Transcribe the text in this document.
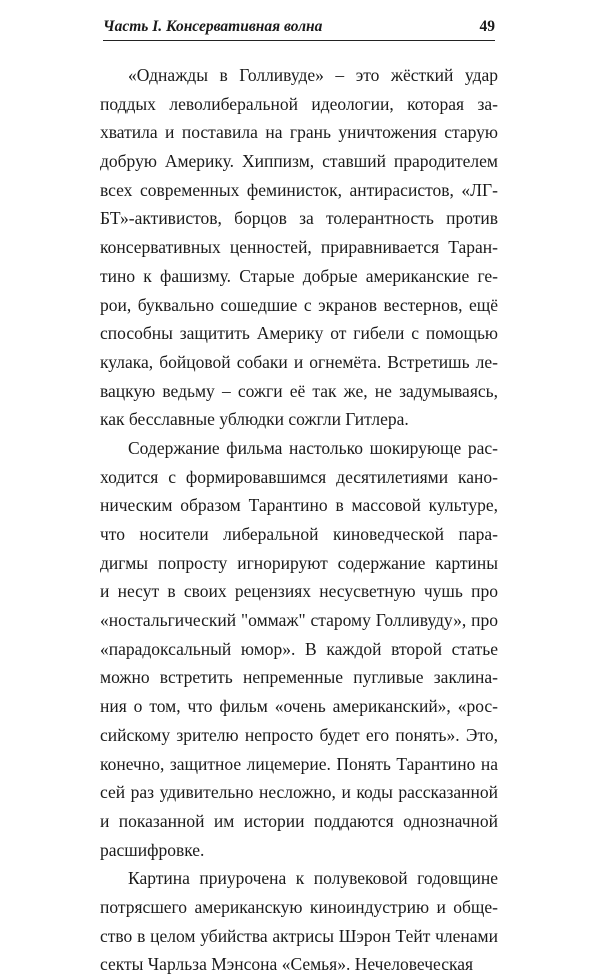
Часть I. Консервативная волна	49
«Однажды в Голливуде» – это жёсткий удар
поддых леволиберальной идеологии, которая за-
хватила и поставила на грань уничтожения старую
добрую Америку. Хиппизм, ставший прародителем
всех современных феминисток, антирасистов, «ЛГ-
БТ»-активистов, борцов за толерантность против
консервативных ценностей, приравнивается Таран-
тино к фашизму. Старые добрые американские ге-
рои, буквально сошедшие с экранов вестернов, ещё
способны защитить Америку от гибели с помощью
кулака, бойцовой собаки и огнемёта. Встретишь ле-
вацкую ведьму – сожги её так же, не задумываясь,
как бесславные ублюдки сожгли Гитлера.
Содержание фильма настолько шокирующе рас-
ходится с формировавшимся десятилетиями кано-
ническим образом Тарантино в массовой культуре,
что носители либеральной киноведческой пара-
дигмы попросту игнорируют содержание картины
и несут в своих рецензиях несусветную чушь про
«ностальгический "оммаж" старому Голливуду», про
«парадоксальный юмор». В каждой второй статье
можно встретить непременные пугливые заклина-
ния о том, что фильм «очень американский», «рос-
сийскому зрителю непросто будет его понять». Это,
конечно, защитное лицемерие. Понять Тарантино на
сей раз удивительно несложно, и коды рассказанной
и показанной им истории поддаются однозначной
расшифровке.
Картина приурочена к полувековой годовщине
потрясшего американскую киноиндустрию и обще-
ство в целом убийства актрисы Шэрон Тейт членами
секты Чарльза Мэнсона «Семья». Нечеловеческая
